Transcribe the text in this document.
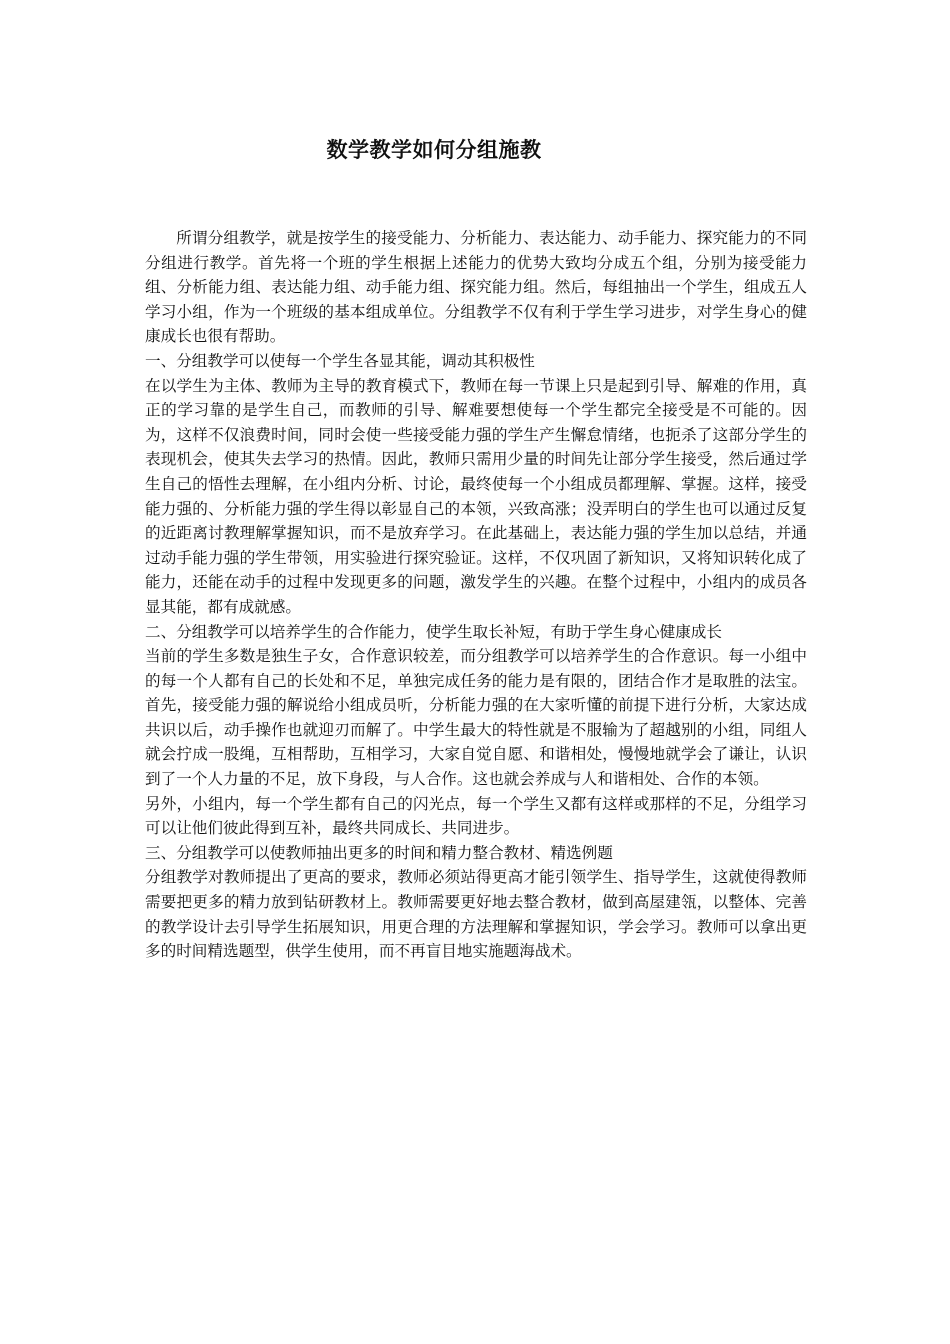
数学教学如何分组施教

所谓分组教学，就是按学生的接受能力、分析能力、表达能力、动手能力、探究能力的不同分组进行教学。首先将一个班的学生根据上述能力的优势大致均分成五个组，分别为接受能力组、分析能力组、表达能力组、动手能力组、探究能力组。然后，每组抽出一个学生，组成五人学习小组，作为一个班级的基本组成单位。分组教学不仅有利于学生学习进步，对学生身心的健康成长也很有帮助。

一、分组教学可以使每一个学生各显其能，调动其积极性

在以学生为主体、教师为主导的教育模式下，教师在每一节课上只是起到引导、解难的作用，真正的学习靠的是学生自己，而教师的引导、解难要想使每一个学生都完全接受是不可能的。因为，这样不仅浪费时间，同时会使一些接受能力强的学生产生懈怠情绪，也扼杀了这部分学生的表现机会，使其失去学习的热情。因此，教师只需用少量的时间先让部分学生接受，然后通过学生自己的悟性去理解，在小组内分析、讨论，最终使每一个小组成员都理解、掌握。这样，接受能力强的、分析能力强的学生得以彰显自己的本领，兴致高涨；没弄明白的学生也可以通过反复的近距离讨教理解掌握知识，而不是放弃学习。在此基础上，表达能力强的学生加以总结，并通过动手能力强的学生带领，用实验进行探究验证。这样，不仅巩固了新知识，又将知识转化成了能力，还能在动手的过程中发现更多的问题，激发学生的兴趣。在整个过程中，小组内的成员各显其能，都有成就感。

二、分组教学可以培养学生的合作能力，使学生取长补短，有助于学生身心健康成长

当前的学生多数是独生子女，合作意识较差，而分组教学可以培养学生的合作意识。每一小组中的每一个人都有自己的长处和不足，单独完成任务的能力是有限的，团结合作才是取胜的法宝。首先，接受能力强的解说给小组成员听，分析能力强的在大家听懂的前提下进行分析，大家达成共识以后，动手操作也就迎刃而解了。中学生最大的特性就是不服输为了超越别的小组，同组人就会拧成一股绳，互相帮助，互相学习，大家自觉自愿、和谐相处，慢慢地就学会了谦让，认识到了一个人力量的不足，放下身段，与人合作。这也就会养成与人和谐相处、合作的本领。

另外，小组内，每一个学生都有自己的闪光点，每一个学生又都有这样或那样的不足，分组学习可以让他们彼此得到互补，最终共同成长、共同进步。

三、分组教学可以使教师抽出更多的时间和精力整合教材、精选例题

分组教学对教师提出了更高的要求，教师必须站得更高才能引领学生、指导学生，这就使得教师需要把更多的精力放到钻研教材上。教师需要更好地去整合教材，做到高屋建瓴，以整体、完善的教学设计去引导学生拓展知识，用更合理的方法理解和掌握知识，学会学习。教师可以拿出更多的时间精选题型，供学生使用，而不再盲目地实施题海战术。
